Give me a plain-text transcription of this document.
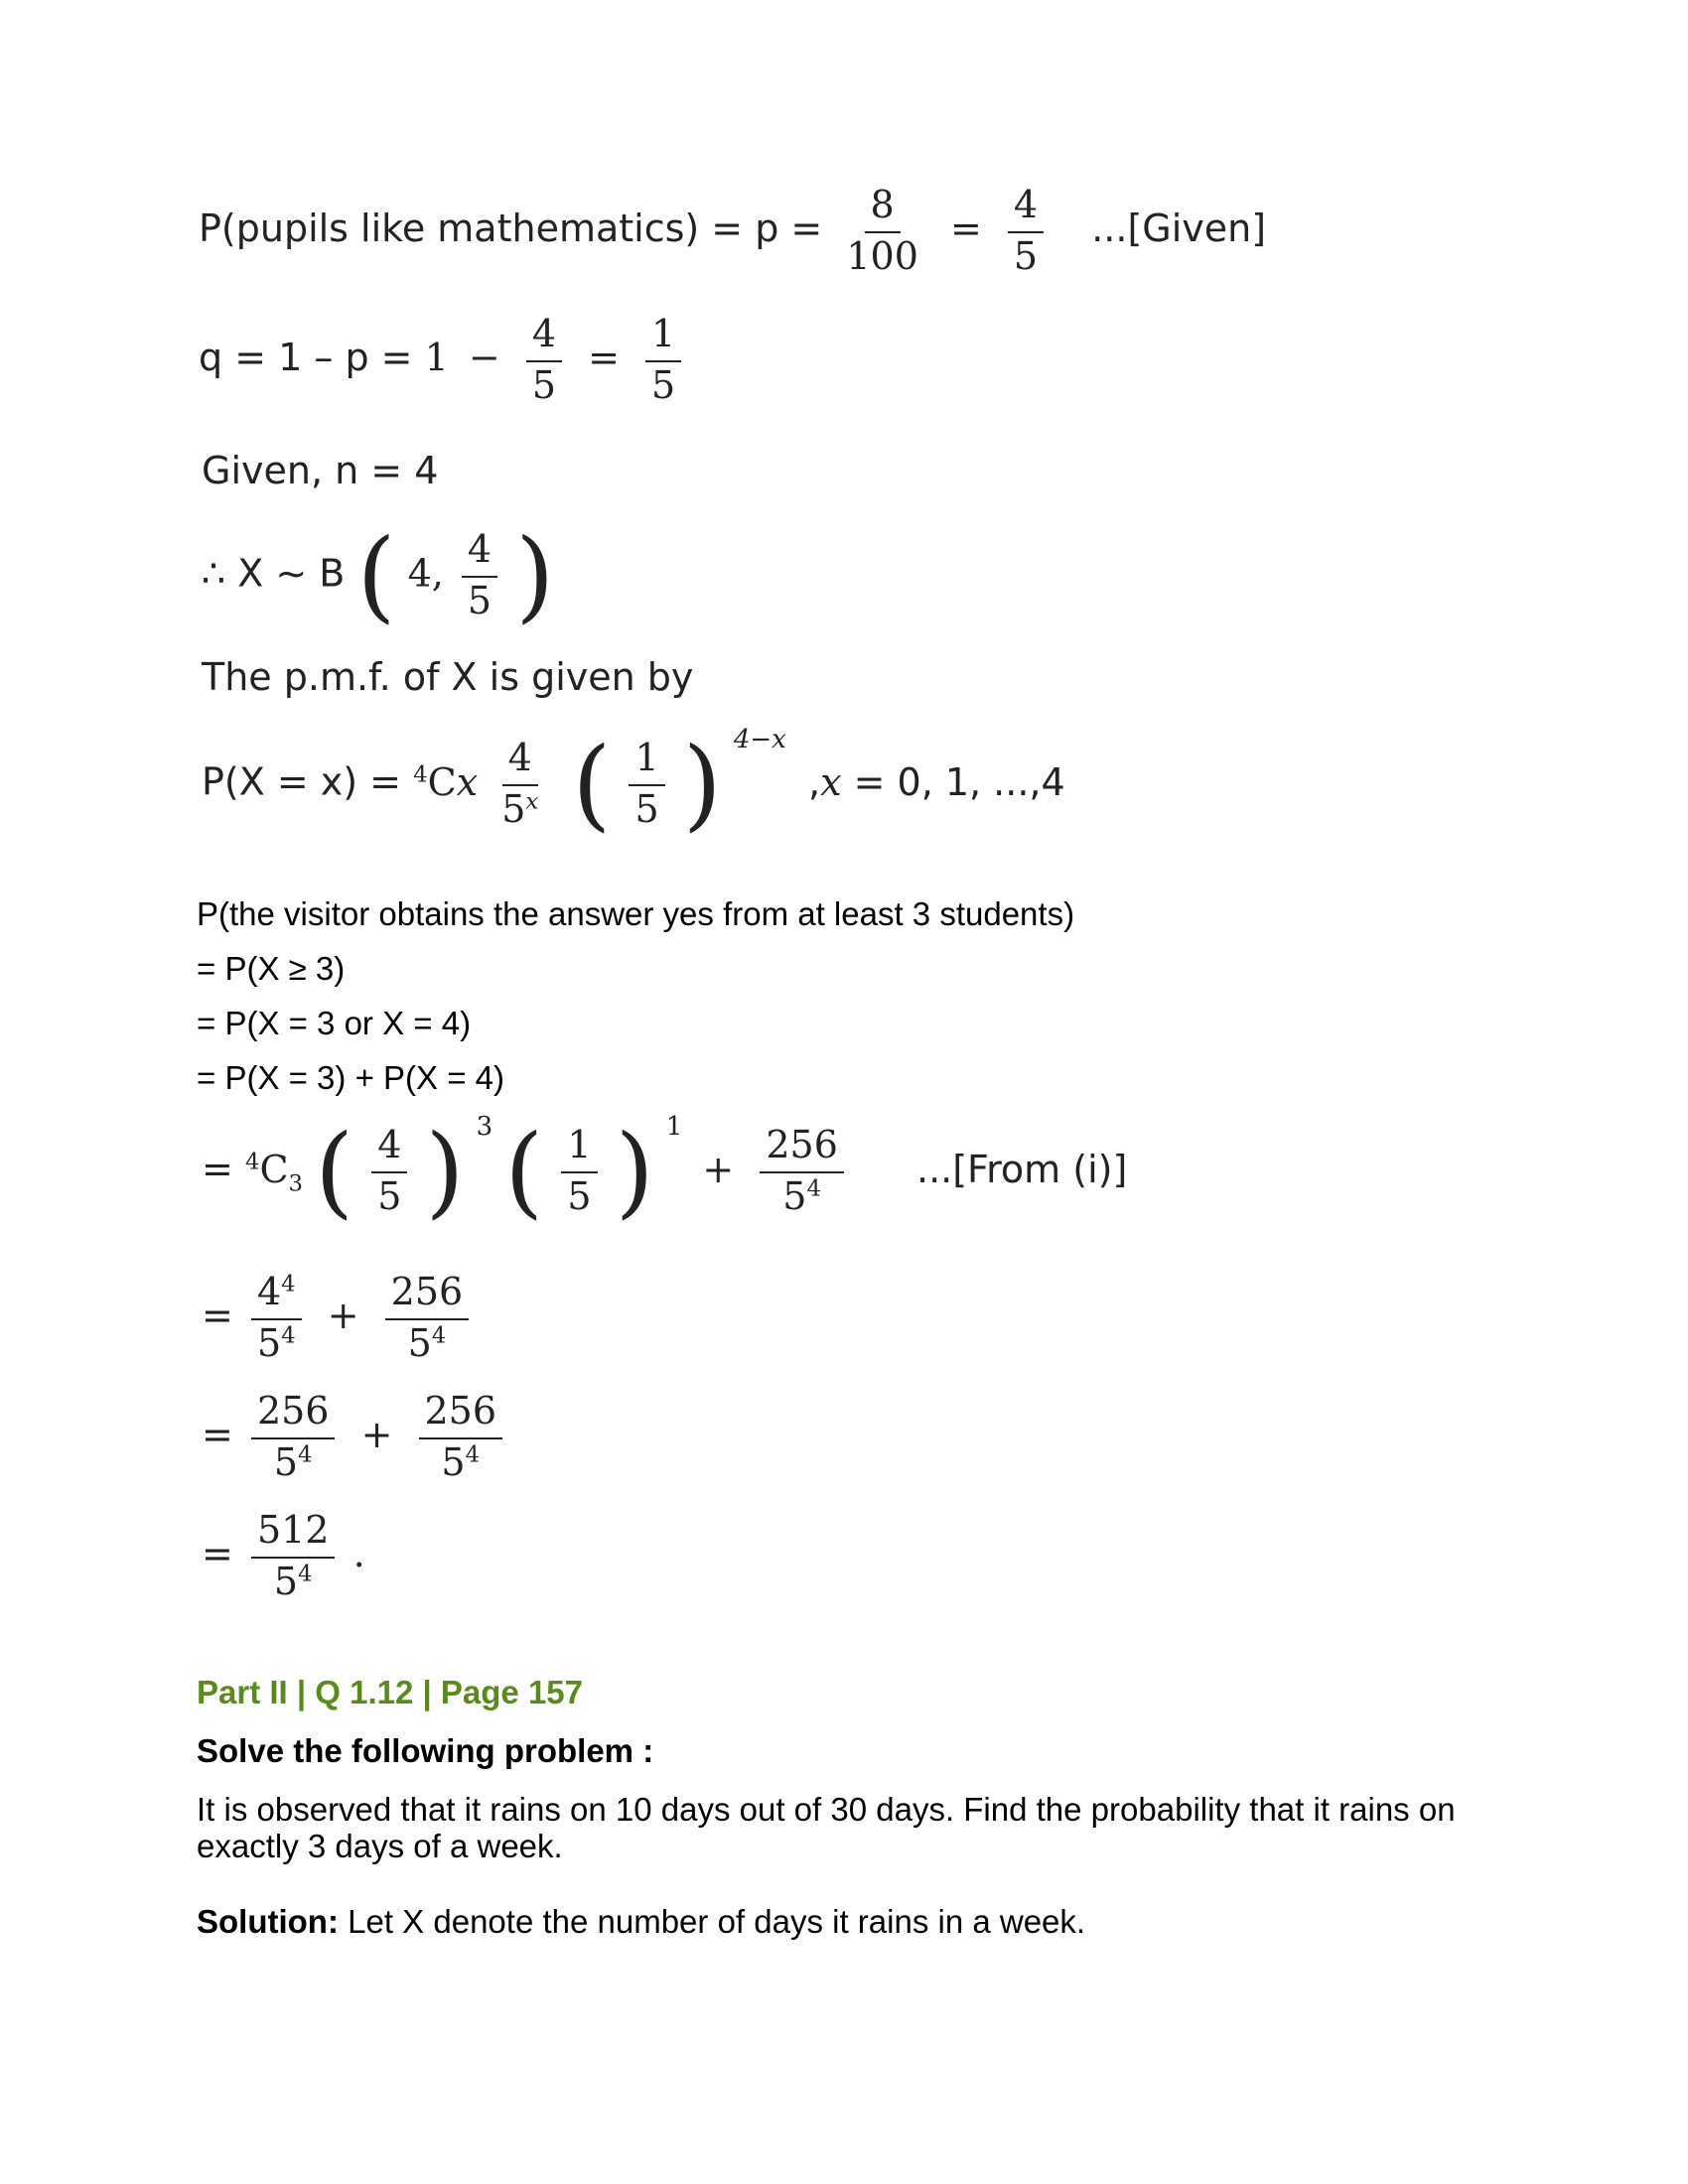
P(pupils like mathematics) = $p = \frac{8}{100} = \frac{4}{5}$ ...[Given]
$q = 1 - p = 1 - \frac{4}{5} = \frac{1}{5}$
Given, n = 4
∴ X ~ B ( 4, $\frac{4}{5}$ )
The p.m.f. of X is given by
$P(X = x) = ^4Cx \frac{4}{5^x}$ ( $\frac{1}{5}$ ) $^{4-x}$ ,x = 0, 1, ...,4
P(the visitor obtains the answer yes from at least 3 students)
= P(X ≥ 3)
= P(X = 3 or X = 4)
= P(X = 3) + P(X = 4)
= $^4C_3$ ( $\frac{4}{5}$ ) $^3$ ( $\frac{1}{5}$ ) $^1 + \frac{256}{5^4}$ ...[From (i)]
= $\frac{4^4}{5^4} + \frac{256}{5^4}$
= $\frac{256}{5^4} + \frac{256}{5^4}$
= $\frac{512}{5^4}$ .
Part II | Q 1.12 | Page 157
Solve the following problem :
It is observed that it rains on 10 days out of 30 days. Find the probability that it rains on
exactly 3 days of a week.
Solution: Let X denote the number of days it rains in a week.
